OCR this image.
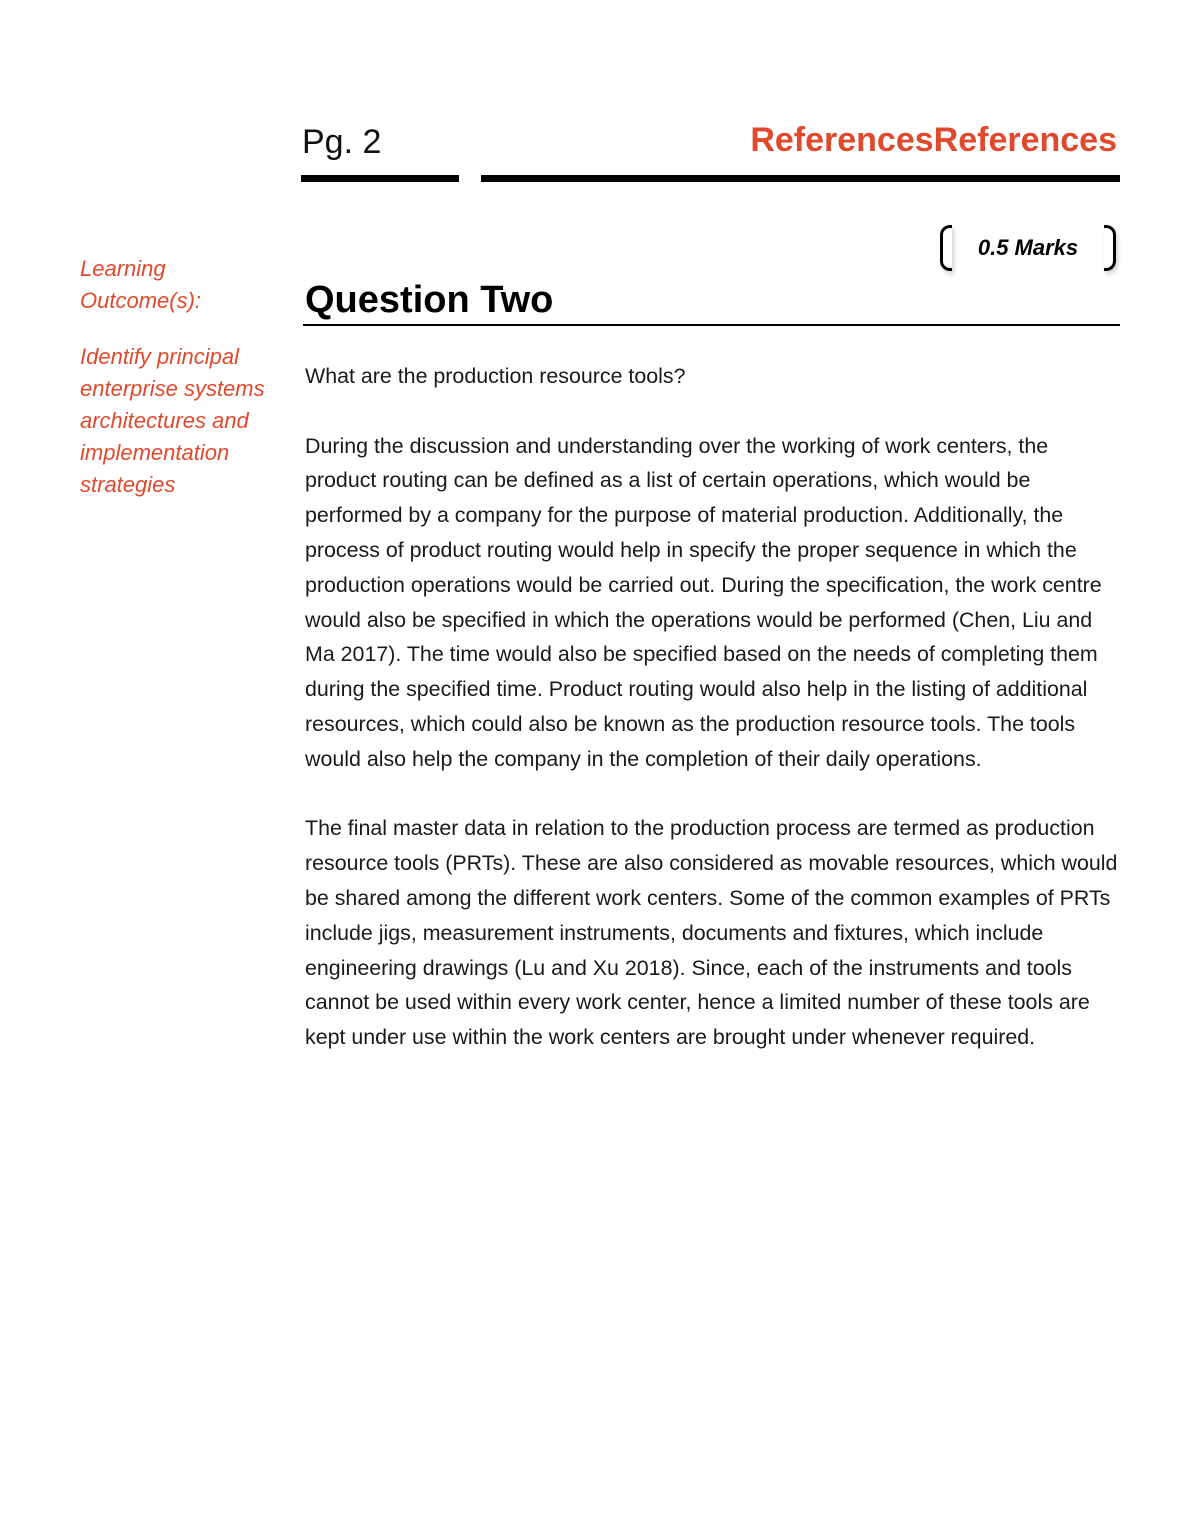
Pg. 2	ReferencesReferences

Learning Outcome(s):

Identify principal enterprise systems architectures and implementation strategies

0.5 Marks
Question Two

What are the production resource tools?

During the discussion and understanding over the working of work centers, the product routing can be defined as a list of certain operations, which would be performed by a company for the purpose of material production. Additionally, the process of product routing would help in specify the proper sequence in which the production operations would be carried out. During the specification, the work centre would also be specified in which the operations would be performed (Chen, Liu and Ma 2017). The time would also be specified based on the needs of completing them during the specified time. Product routing would also help in the listing of additional resources, which could also be known as the production resource tools. The tools would also help the company in the completion of their daily operations.

The final master data in relation to the production process are termed as production resource tools (PRTs). These are also considered as movable resources, which would be shared among the different work centers. Some of the common examples of PRTs include jigs, measurement instruments, documents and fixtures, which include engineering drawings (Lu and Xu 2018). Since, each of the instruments and tools cannot be used within every work center, hence a limited number of these tools are kept under use within the work centers are brought under whenever required.
